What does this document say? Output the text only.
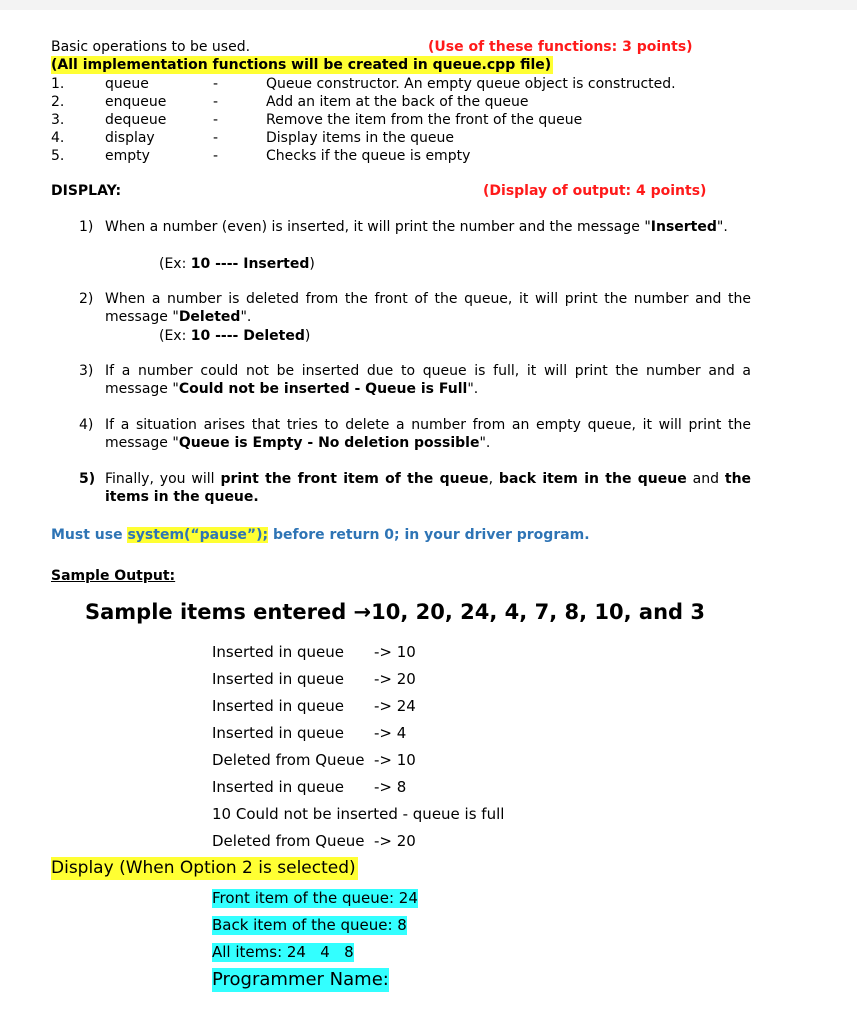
Basic operations to be used.	(Use of these functions: 3 points)
(All implementation functions will be created in queue.cpp file)
1.	queue	-	Queue constructor. An empty queue object is constructed.
2.	enqueue	-	Add an item at the back of the queue
3.	dequeue	-	Remove the item from the front of the queue
4.	display	-	Display items in the queue
5.	empty	-	Checks if the queue is empty
DISPLAY:	(Display of output: 4 points)
1) When a number (even) is inserted, it will print the number and the message "Inserted".
(Ex: 10 ---- Inserted)
2) When a number is deleted from the front of the queue, it will print the number and the message "Deleted".
(Ex: 10 ---- Deleted)
3) If a number could not be inserted due to queue is full, it will print the number and a message "Could not be inserted - Queue is Full".
4) If a situation arises that tries to delete a number from an empty queue, it will print the message "Queue is Empty - No deletion possible".
5) Finally, you will print the front item of the queue, back item in the queue and the items in the queue.
Must use system(“pause”); before return 0; in your driver program.
Sample Output:
Sample items entered →10, 20, 24, 4, 7, 8, 10, and 3
Inserted in queue -> 10
Inserted in queue -> 20
Inserted in queue -> 24
Inserted in queue -> 4
Deleted from Queue -> 10
Inserted in queue -> 8
10 Could not be inserted - queue is full
Deleted from Queue -> 20
Display (When Option 2 is selected)
Front item of the queue: 24
Back item of the queue: 8
All items: 24   4   8
Programmer Name:
